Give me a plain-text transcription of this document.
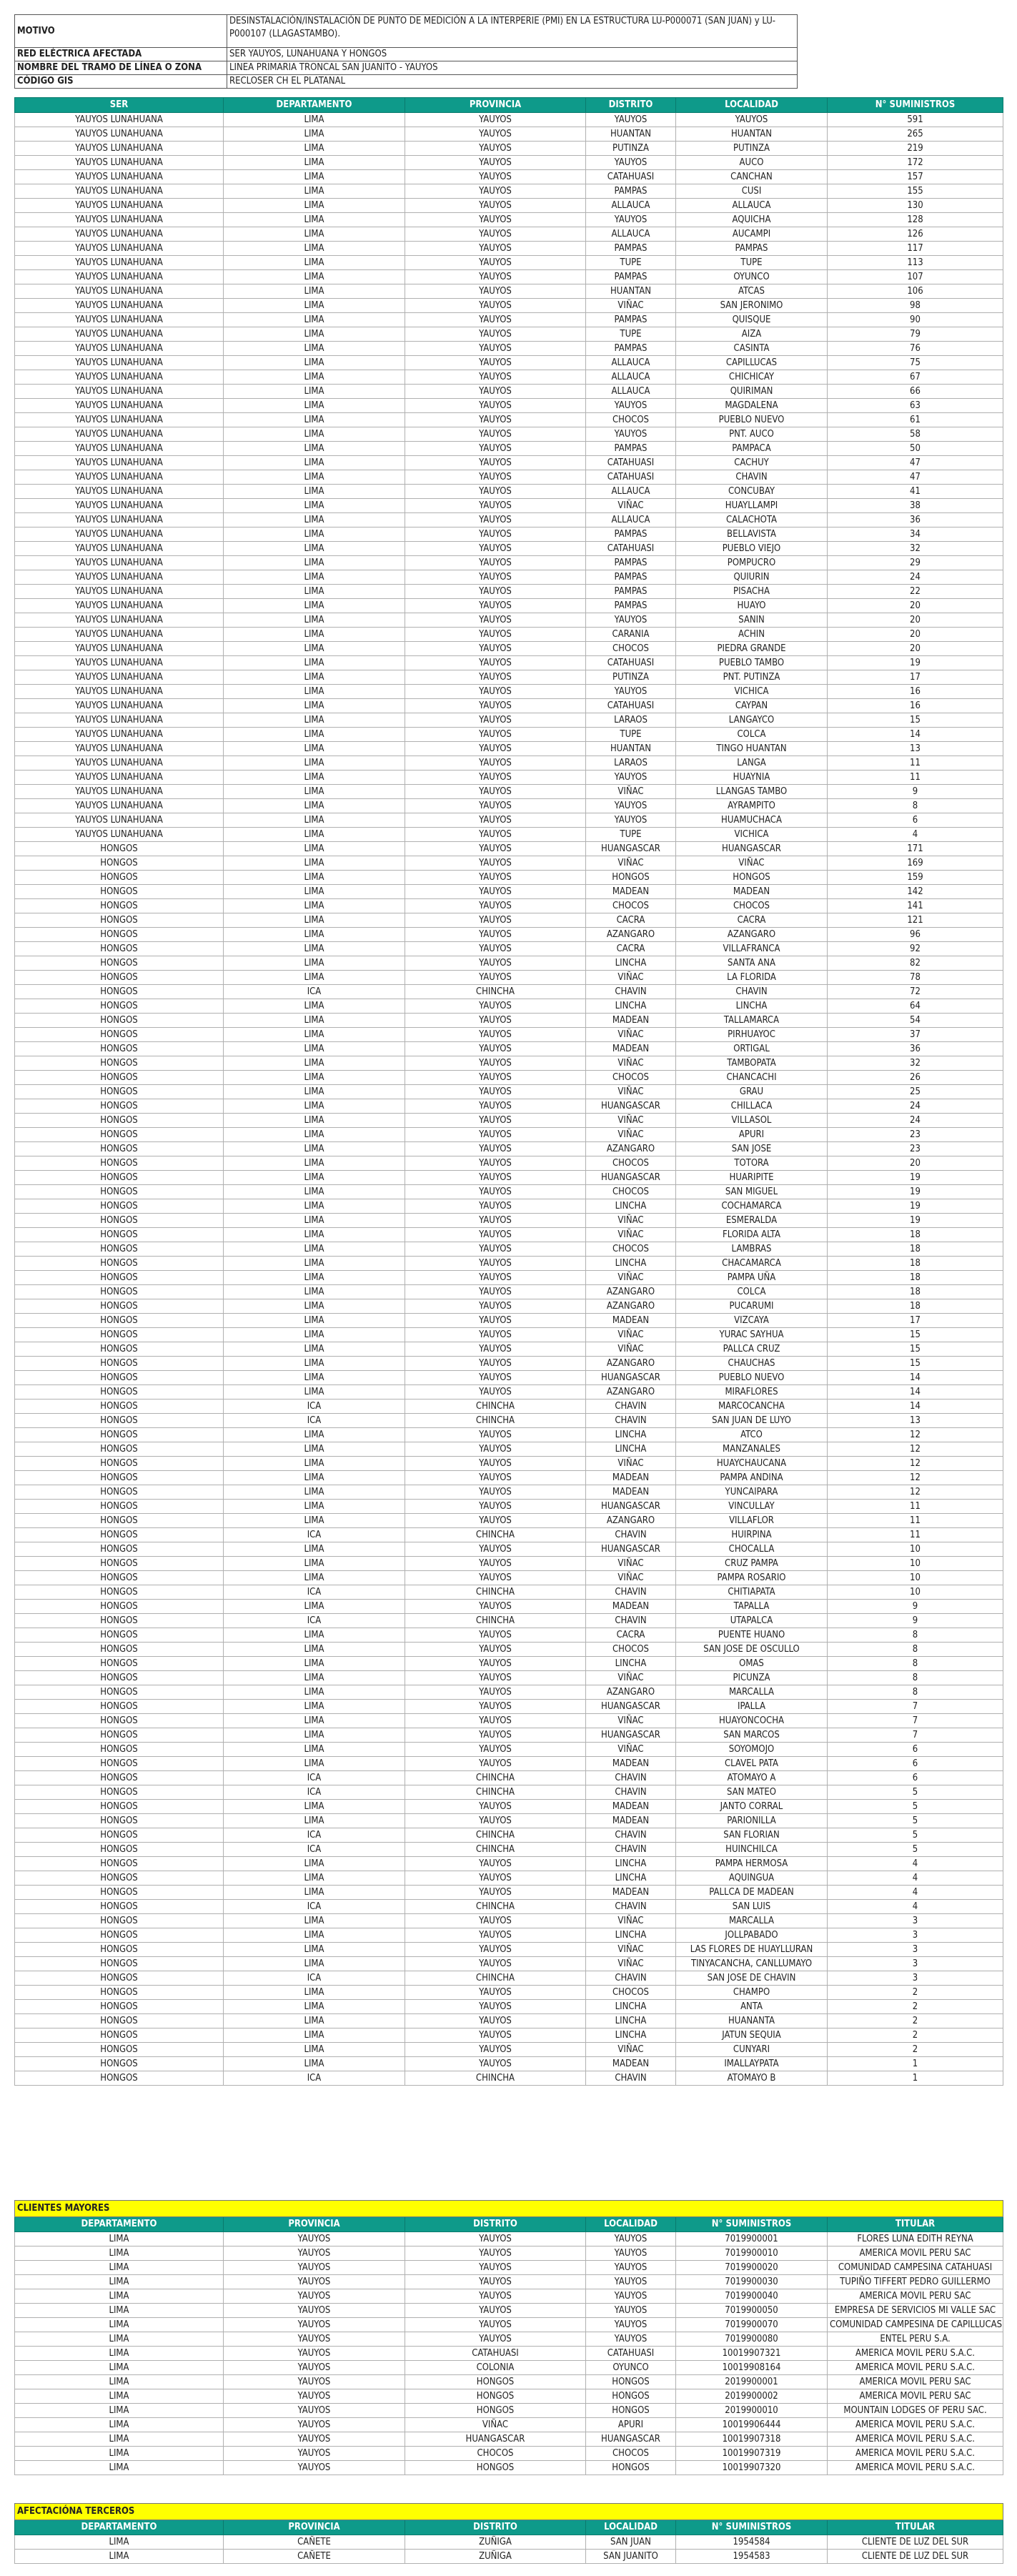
MOTIVO	DESINSTALACIÓN/INSTALACIÓN DE PUNTO DE MEDICIÓN A LA INTERPERIE (PMI) EN LA ESTRUCTURA LU-P000071 (SAN JUAN) y LU-P000107 (LLAGASTAMBO).
RED ELÉCTRICA AFECTADA	SER YAUYOS, LUNAHUANA Y HONGOS
NOMBRE DEL TRAMO DE LÍNEA O ZONA	LINEA PRIMARIA TRONCAL SAN JUANITO - YAUYOS
CÓDIGO GIS	RECLOSER CH EL PLATANAL
SER	DEPARTAMENTO	PROVINCIA	DISTRITO	LOCALIDAD	N° SUMINISTROS
YAUYOS LUNAHUANA	LIMA	YAUYOS	YAUYOS	YAUYOS	591
YAUYOS LUNAHUANA	LIMA	YAUYOS	HUANTAN	HUANTAN	265
YAUYOS LUNAHUANA	LIMA	YAUYOS	PUTINZA	PUTINZA	219
YAUYOS LUNAHUANA	LIMA	YAUYOS	YAUYOS	AUCO	172
YAUYOS LUNAHUANA	LIMA	YAUYOS	CATAHUASI	CANCHAN	157
YAUYOS LUNAHUANA	LIMA	YAUYOS	PAMPAS	CUSI	155
YAUYOS LUNAHUANA	LIMA	YAUYOS	ALLAUCA	ALLAUCA	130
YAUYOS LUNAHUANA	LIMA	YAUYOS	YAUYOS	AQUICHA	128
YAUYOS LUNAHUANA	LIMA	YAUYOS	ALLAUCA	AUCAMPI	126
YAUYOS LUNAHUANA	LIMA	YAUYOS	PAMPAS	PAMPAS	117
YAUYOS LUNAHUANA	LIMA	YAUYOS	TUPE	TUPE	113
YAUYOS LUNAHUANA	LIMA	YAUYOS	PAMPAS	OYUNCO	107
YAUYOS LUNAHUANA	LIMA	YAUYOS	HUANTAN	ATCAS	106
YAUYOS LUNAHUANA	LIMA	YAUYOS	VIÑAC	SAN JERONIMO	98
YAUYOS LUNAHUANA	LIMA	YAUYOS	PAMPAS	QUISQUE	90
YAUYOS LUNAHUANA	LIMA	YAUYOS	TUPE	AIZA	79
YAUYOS LUNAHUANA	LIMA	YAUYOS	PAMPAS	CASINTA	76
YAUYOS LUNAHUANA	LIMA	YAUYOS	ALLAUCA	CAPILLUCAS	75
YAUYOS LUNAHUANA	LIMA	YAUYOS	ALLAUCA	CHICHICAY	67
YAUYOS LUNAHUANA	LIMA	YAUYOS	ALLAUCA	QUIRIMAN	66
YAUYOS LUNAHUANA	LIMA	YAUYOS	YAUYOS	MAGDALENA	63
YAUYOS LUNAHUANA	LIMA	YAUYOS	CHOCOS	PUEBLO NUEVO	61
YAUYOS LUNAHUANA	LIMA	YAUYOS	YAUYOS	PNT. AUCO	58
YAUYOS LUNAHUANA	LIMA	YAUYOS	PAMPAS	PAMPACA	50
YAUYOS LUNAHUANA	LIMA	YAUYOS	CATAHUASI	CACHUY	47
YAUYOS LUNAHUANA	LIMA	YAUYOS	CATAHUASI	CHAVIN	47
YAUYOS LUNAHUANA	LIMA	YAUYOS	ALLAUCA	CONCUBAY	41
YAUYOS LUNAHUANA	LIMA	YAUYOS	VIÑAC	HUAYLLAMPI	38
YAUYOS LUNAHUANA	LIMA	YAUYOS	ALLAUCA	CALACHOTA	36
YAUYOS LUNAHUANA	LIMA	YAUYOS	PAMPAS	BELLAVISTA	34
YAUYOS LUNAHUANA	LIMA	YAUYOS	CATAHUASI	PUEBLO VIEJO	32
YAUYOS LUNAHUANA	LIMA	YAUYOS	PAMPAS	POMPUCRO	29
YAUYOS LUNAHUANA	LIMA	YAUYOS	PAMPAS	QUIURIN	24
YAUYOS LUNAHUANA	LIMA	YAUYOS	PAMPAS	PISACHA	22
YAUYOS LUNAHUANA	LIMA	YAUYOS	PAMPAS	HUAYO	20
YAUYOS LUNAHUANA	LIMA	YAUYOS	YAUYOS	SANIN	20
YAUYOS LUNAHUANA	LIMA	YAUYOS	CARANIA	ACHIN	20
YAUYOS LUNAHUANA	LIMA	YAUYOS	CHOCOS	PIEDRA GRANDE	20
YAUYOS LUNAHUANA	LIMA	YAUYOS	CATAHUASI	PUEBLO TAMBO	19
YAUYOS LUNAHUANA	LIMA	YAUYOS	PUTINZA	PNT. PUTINZA	17
YAUYOS LUNAHUANA	LIMA	YAUYOS	YAUYOS	VICHICA	16
YAUYOS LUNAHUANA	LIMA	YAUYOS	CATAHUASI	CAYPAN	16
YAUYOS LUNAHUANA	LIMA	YAUYOS	LARAOS	LANGAYCO	15
YAUYOS LUNAHUANA	LIMA	YAUYOS	TUPE	COLCA	14
YAUYOS LUNAHUANA	LIMA	YAUYOS	HUANTAN	TINGO HUANTAN	13
YAUYOS LUNAHUANA	LIMA	YAUYOS	LARAOS	LANGA	11
YAUYOS LUNAHUANA	LIMA	YAUYOS	YAUYOS	HUAYNIA	11
YAUYOS LUNAHUANA	LIMA	YAUYOS	VIÑAC	LLANGAS TAMBO	9
YAUYOS LUNAHUANA	LIMA	YAUYOS	YAUYOS	AYRAMPITO	8
YAUYOS LUNAHUANA	LIMA	YAUYOS	YAUYOS	HUAMUCHACA	6
YAUYOS LUNAHUANA	LIMA	YAUYOS	TUPE	VICHICA	4
HONGOS	LIMA	YAUYOS	HUANGASCAR	HUANGASCAR	171
HONGOS	LIMA	YAUYOS	VIÑAC	VIÑAC	169
HONGOS	LIMA	YAUYOS	HONGOS	HONGOS	159
HONGOS	LIMA	YAUYOS	MADEAN	MADEAN	142
HONGOS	LIMA	YAUYOS	CHOCOS	CHOCOS	141
HONGOS	LIMA	YAUYOS	CACRA	CACRA	121
HONGOS	LIMA	YAUYOS	AZANGARO	AZANGARO	96
HONGOS	LIMA	YAUYOS	CACRA	VILLAFRANCA	92
HONGOS	LIMA	YAUYOS	LINCHA	SANTA ANA	82
HONGOS	LIMA	YAUYOS	VIÑAC	LA FLORIDA	78
HONGOS	ICA	CHINCHA	CHAVIN	CHAVIN	72
HONGOS	LIMA	YAUYOS	LINCHA	LINCHA	64
HONGOS	LIMA	YAUYOS	MADEAN	TALLAMARCA	54
HONGOS	LIMA	YAUYOS	VIÑAC	PIRHUAYOC	37
HONGOS	LIMA	YAUYOS	MADEAN	ORTIGAL	36
HONGOS	LIMA	YAUYOS	VIÑAC	TAMBOPATA	32
HONGOS	LIMA	YAUYOS	CHOCOS	CHANCACHI	26
HONGOS	LIMA	YAUYOS	VIÑAC	GRAU	25
HONGOS	LIMA	YAUYOS	HUANGASCAR	CHILLACA	24
HONGOS	LIMA	YAUYOS	VIÑAC	VILLASOL	24
HONGOS	LIMA	YAUYOS	VIÑAC	APURI	23
HONGOS	LIMA	YAUYOS	AZANGARO	SAN JOSE	23
HONGOS	LIMA	YAUYOS	CHOCOS	TOTORA	20
HONGOS	LIMA	YAUYOS	HUANGASCAR	HUARIPITE	19
HONGOS	LIMA	YAUYOS	CHOCOS	SAN MIGUEL	19
HONGOS	LIMA	YAUYOS	LINCHA	COCHAMARCA	19
HONGOS	LIMA	YAUYOS	VIÑAC	ESMERALDA	19
HONGOS	LIMA	YAUYOS	VIÑAC	FLORIDA ALTA	18
HONGOS	LIMA	YAUYOS	CHOCOS	LAMBRAS	18
HONGOS	LIMA	YAUYOS	LINCHA	CHACAMARCA	18
HONGOS	LIMA	YAUYOS	VIÑAC	PAMPA UÑA	18
HONGOS	LIMA	YAUYOS	AZANGARO	COLCA	18
HONGOS	LIMA	YAUYOS	AZANGARO	PUCARUMI	18
HONGOS	LIMA	YAUYOS	MADEAN	VIZCAYA	17
HONGOS	LIMA	YAUYOS	VIÑAC	YURAC SAYHUA	15
HONGOS	LIMA	YAUYOS	VIÑAC	PALLCA CRUZ	15
HONGOS	LIMA	YAUYOS	AZANGARO	CHAUCHAS	15
HONGOS	LIMA	YAUYOS	HUANGASCAR	PUEBLO NUEVO	14
HONGOS	LIMA	YAUYOS	AZANGARO	MIRAFLORES	14
HONGOS	ICA	CHINCHA	CHAVIN	MARCOCANCHA	14
HONGOS	ICA	CHINCHA	CHAVIN	SAN JUAN DE LUYO	13
HONGOS	LIMA	YAUYOS	LINCHA	ATCO	12
HONGOS	LIMA	YAUYOS	LINCHA	MANZANALES	12
HONGOS	LIMA	YAUYOS	VIÑAC	HUAYCHAUCANA	12
HONGOS	LIMA	YAUYOS	MADEAN	PAMPA ANDINA	12
HONGOS	LIMA	YAUYOS	MADEAN	YUNCAIPARA	12
HONGOS	LIMA	YAUYOS	HUANGASCAR	VINCULLAY	11
HONGOS	LIMA	YAUYOS	AZANGARO	VILLAFLOR	11
HONGOS	ICA	CHINCHA	CHAVIN	HUIRPINA	11
HONGOS	LIMA	YAUYOS	HUANGASCAR	CHOCALLA	10
HONGOS	LIMA	YAUYOS	VIÑAC	CRUZ PAMPA	10
HONGOS	LIMA	YAUYOS	VIÑAC	PAMPA ROSARIO	10
HONGOS	ICA	CHINCHA	CHAVIN	CHITIAPATA	10
HONGOS	LIMA	YAUYOS	MADEAN	TAPALLA	9
HONGOS	ICA	CHINCHA	CHAVIN	UTAPALCA	9
HONGOS	LIMA	YAUYOS	CACRA	PUENTE HUANO	8
HONGOS	LIMA	YAUYOS	CHOCOS	SAN JOSE DE OSCULLO	8
HONGOS	LIMA	YAUYOS	LINCHA	OMAS	8
HONGOS	LIMA	YAUYOS	VIÑAC	PICUNZA	8
HONGOS	LIMA	YAUYOS	AZANGARO	MARCALLA	8
HONGOS	LIMA	YAUYOS	HUANGASCAR	IPALLA	7
HONGOS	LIMA	YAUYOS	VIÑAC	HUAYONCOCHA	7
HONGOS	LIMA	YAUYOS	HUANGASCAR	SAN MARCOS	7
HONGOS	LIMA	YAUYOS	VIÑAC	SOYOMOJO	6
HONGOS	LIMA	YAUYOS	MADEAN	CLAVEL PATA	6
HONGOS	ICA	CHINCHA	CHAVIN	ATOMAYO A	6
HONGOS	ICA	CHINCHA	CHAVIN	SAN MATEO	5
HONGOS	LIMA	YAUYOS	MADEAN	JANTO CORRAL	5
HONGOS	LIMA	YAUYOS	MADEAN	PARIONILLA	5
HONGOS	ICA	CHINCHA	CHAVIN	SAN FLORIAN	5
HONGOS	ICA	CHINCHA	CHAVIN	HUINCHILCA	5
HONGOS	LIMA	YAUYOS	LINCHA	PAMPA HERMOSA	4
HONGOS	LIMA	YAUYOS	LINCHA	AQUINGUA	4
HONGOS	LIMA	YAUYOS	MADEAN	PALLCA DE MADEAN	4
HONGOS	ICA	CHINCHA	CHAVIN	SAN LUIS	4
HONGOS	LIMA	YAUYOS	VIÑAC	MARCALLA	3
HONGOS	LIMA	YAUYOS	LINCHA	JOLLPABADO	3
HONGOS	LIMA	YAUYOS	VIÑAC	LAS FLORES DE HUAYLLURAN	3
HONGOS	LIMA	YAUYOS	VIÑAC	TINYACANCHA, CANLLUMAYO	3
HONGOS	ICA	CHINCHA	CHAVIN	SAN JOSE DE CHAVIN	3
HONGOS	LIMA	YAUYOS	CHOCOS	CHAMPO	2
HONGOS	LIMA	YAUYOS	LINCHA	ANTA	2
HONGOS	LIMA	YAUYOS	LINCHA	HUANANTA	2
HONGOS	LIMA	YAUYOS	LINCHA	JATUN SEQUIA	2
HONGOS	LIMA	YAUYOS	VIÑAC	CUNYARI	2
HONGOS	LIMA	YAUYOS	MADEAN	IMALLAYPATA	1
HONGOS	ICA	CHINCHA	CHAVIN	ATOMAYO B	1
CLIENTES MAYORES					
DEPARTAMENTO	PROVINCIA	DISTRITO	LOCALIDAD	N° SUMINISTROS	TITULAR
LIMA	YAUYOS	YAUYOS	YAUYOS	7019900001	FLORES LUNA EDITH REYNA
LIMA	YAUYOS	YAUYOS	YAUYOS	7019900010	AMERICA MOVIL PERU SAC
LIMA	YAUYOS	YAUYOS	YAUYOS	7019900020	COMUNIDAD CAMPESINA CATAHUASI
LIMA	YAUYOS	YAUYOS	YAUYOS	7019900030	TUPIÑO TIFFERT PEDRO GUILLERMO
LIMA	YAUYOS	YAUYOS	YAUYOS	7019900040	AMERICA MOVIL PERU SAC
LIMA	YAUYOS	YAUYOS	YAUYOS	7019900050	EMPRESA DE SERVICIOS MI VALLE SAC
LIMA	YAUYOS	YAUYOS	YAUYOS	7019900070	COMUNIDAD CAMPESINA DE CAPILLUCAS
LIMA	YAUYOS	YAUYOS	YAUYOS	7019900080	ENTEL PERU S.A.
LIMA	YAUYOS	CATAHUASI	CATAHUASI	10019907321	AMERICA MOVIL PERU S.A.C.
LIMA	YAUYOS	COLONIA	OYUNCO	10019908164	AMERICA MOVIL PERU S.A.C.
LIMA	YAUYOS	HONGOS	HONGOS	2019900001	AMERICA MOVIL PERU SAC
LIMA	YAUYOS	HONGOS	HONGOS	2019900002	AMERICA MOVIL PERU SAC
LIMA	YAUYOS	HONGOS	HONGOS	2019900010	MOUNTAIN LODGES OF PERU SAC.
LIMA	YAUYOS	VIÑAC	APURI	10019906444	AMERICA MOVIL PERU S.A.C.
LIMA	YAUYOS	HUANGASCAR	HUANGASCAR	10019907318	AMERICA MOVIL PERU S.A.C.
LIMA	YAUYOS	CHOCOS	CHOCOS	10019907319	AMERICA MOVIL PERU S.A.C.
LIMA	YAUYOS	HONGOS	HONGOS	10019907320	AMERICA MOVIL PERU S.A.C.
AFECTACIÓNA TERCEROS					
DEPARTAMENTO	PROVINCIA	DISTRITO	LOCALIDAD	N° SUMINISTROS	TITULAR
LIMA	CAÑETE	ZUÑIGA	SAN JUAN	1954584	CLIENTE DE LUZ DEL SUR
LIMA	CAÑETE	ZUÑIGA	SAN JUANITO	1954583	CLIENTE DE LUZ DEL SUR
